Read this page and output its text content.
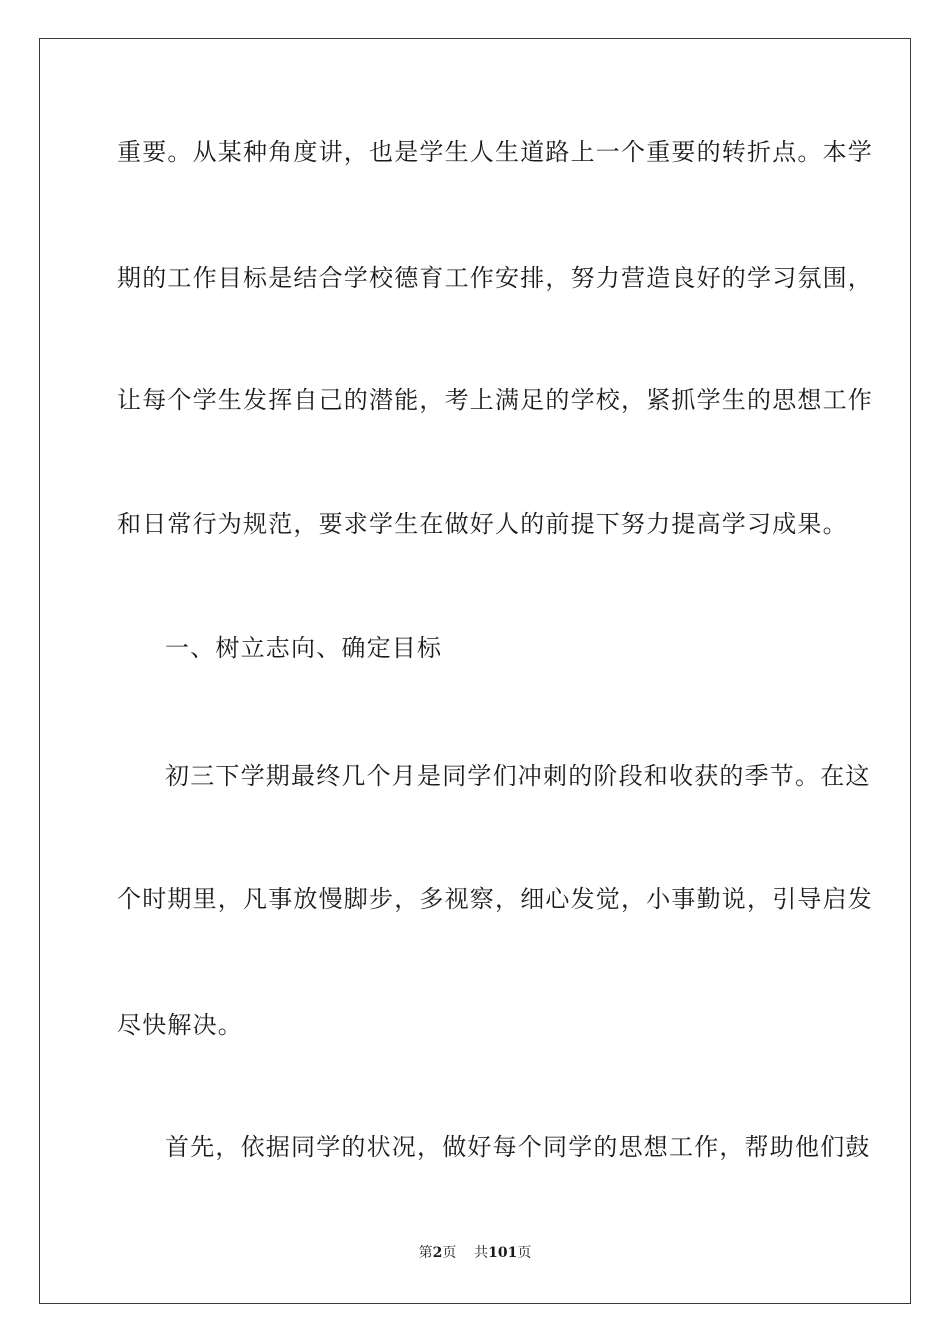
重要。从某种角度讲，也是学生人生道路上一个重要的转折点。本学
期的工作目标是结合学校德育工作安排，努力营造良好的学习氛围，
让每个学生发挥自己的潜能，考上满足的学校，紧抓学生的思想工作
和日常行为规范，要求学生在做好人的前提下努力提高学习成果。
一、树立志向、确定目标
初三下学期最终几个月是同学们冲刺的阶段和收获的季节。在这
个时期里，凡事放慢脚步，多视察，细心发觉，小事勤说，引导启发
尽快解决。
首先，依据同学的状况，做好每个同学的思想工作，帮助他们鼓
第2页 共101页
